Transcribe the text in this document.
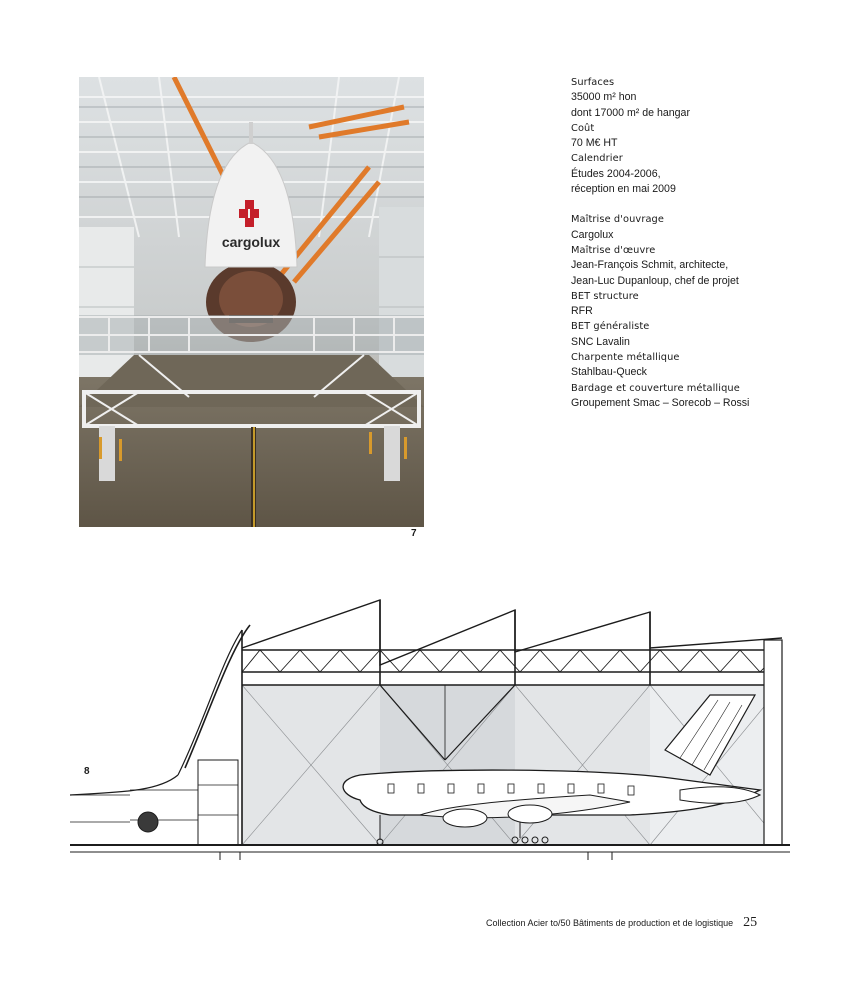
cargolux
7
Surfaces
35000 m² hon
dont 17000 m² de hangar
Coût
70 M€ HT
Calendrier
Études 2004-2006,
réception en mai 2009
Maîtrise d'ouvrage
Cargolux
Maîtrise d'œuvre
Jean-François Schmit, architecte,
Jean-Luc Dupanloup, chef de projet
BET structure
RFR
BET généraliste
SNC Lavalin
Charpente métallique
Stahlbau-Queck
Bardage et couverture métallique
Groupement Smac – Sorecob – Rossi
8
Collection Acier to/50 Bâtiments de production et de logistique 25
